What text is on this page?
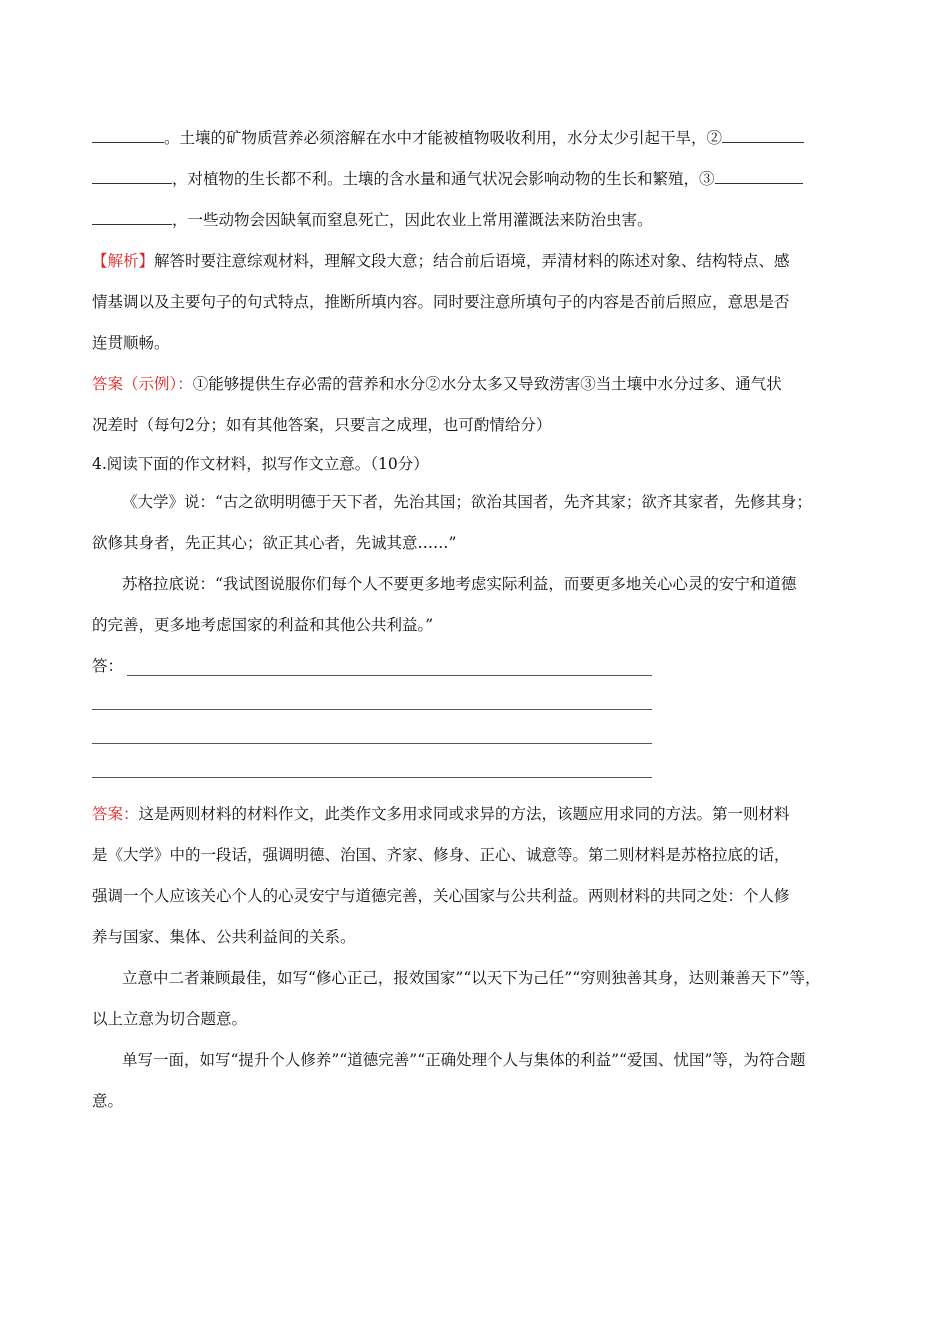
。土壤的矿物质营养必须溶解在水中才能被植物吸收利用，水分太少引起干旱，②
，对植物的生长都不利。土壤的含水量和通气状况会影响动物的生长和繁殖，③
，一些动物会因缺氧而窒息死亡，因此农业上常用灌溉法来防治虫害。
【解析】解答时要注意综观材料，理解文段大意；结合前后语境，弄清材料的陈述对象、结构特点、感
情基调以及主要句子的句式特点，推断所填内容。同时要注意所填句子的内容是否前后照应，意思是否
连贯顺畅。
答案（示例）：①能够提供生存必需的营养和水分②水分太多又导致涝害③当土壤中水分过多、通气状
况差时（每句2分；如有其他答案，只要言之成理，也可酌情给分）
4.阅读下面的作文材料，拟写作文立意。（10分）
《大学》说：“古之欲明明德于天下者，先治其国；欲治其国者，先齐其家；欲齐其家者，先修其身；
欲修其身者，先正其心；欲正其心者，先诚其意……”
苏格拉底说：“我试图说服你们每个人不要更多地考虑实际利益，而要更多地关心心灵的安宁和道德
的完善，更多地考虑国家的利益和其他公共利益。”
答：
答案：这是两则材料的材料作文，此类作文多用求同或求异的方法，该题应用求同的方法。第一则材料
是《大学》中的一段话，强调明德、治国、齐家、修身、正心、诚意等。第二则材料是苏格拉底的话，
强调一个人应该关心个人的心灵安宁与道德完善，关心国家与公共利益。两则材料的共同之处：个人修
养与国家、集体、公共利益间的关系。
立意中二者兼顾最佳，如写“修心正己，报效国家”“以天下为己任”“穷则独善其身，达则兼善天下”等，
以上立意为切合题意。
单写一面，如写“提升个人修养”“道德完善”“正确处理个人与集体的利益”“爱国、忧国”等，为符合题
意。
